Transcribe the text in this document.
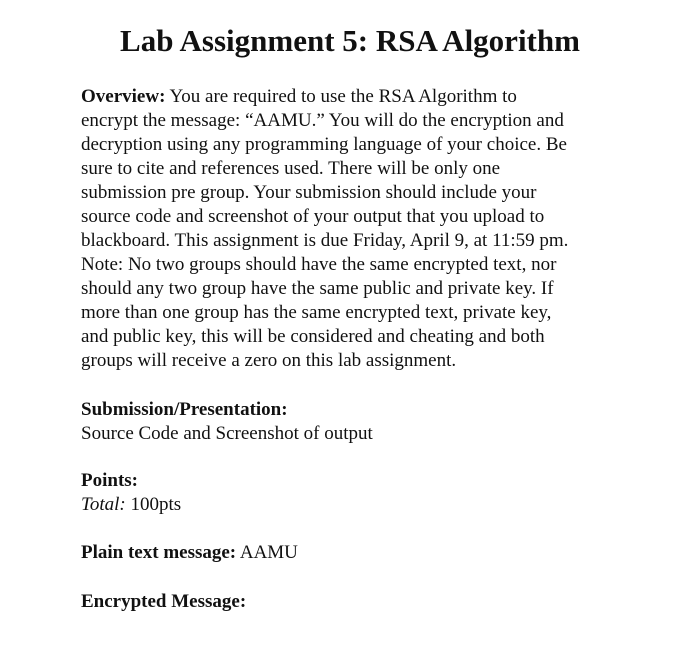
Lab Assignment 5: RSA Algorithm
Overview: You are required to use the RSA Algorithm to
encrypt the message: “AAMU.” You will do the encryption and
decryption using any programming language of your choice. Be
sure to cite and references used. There will be only one
submission pre group. Your submission should include your
source code and screenshot of your output that you upload to
blackboard. This assignment is due Friday, April 9, at 11:59 pm.
Note: No two groups should have the same encrypted text, nor
should any two group have the same public and private key. If
more than one group has the same encrypted text, private key,
and public key, this will be considered and cheating and both
groups will receive a zero on this lab assignment.
Submission/Presentation:
Source Code and Screenshot of output
Points:
Total: 100pts
Plain text message: AAMU
Encrypted Message:
